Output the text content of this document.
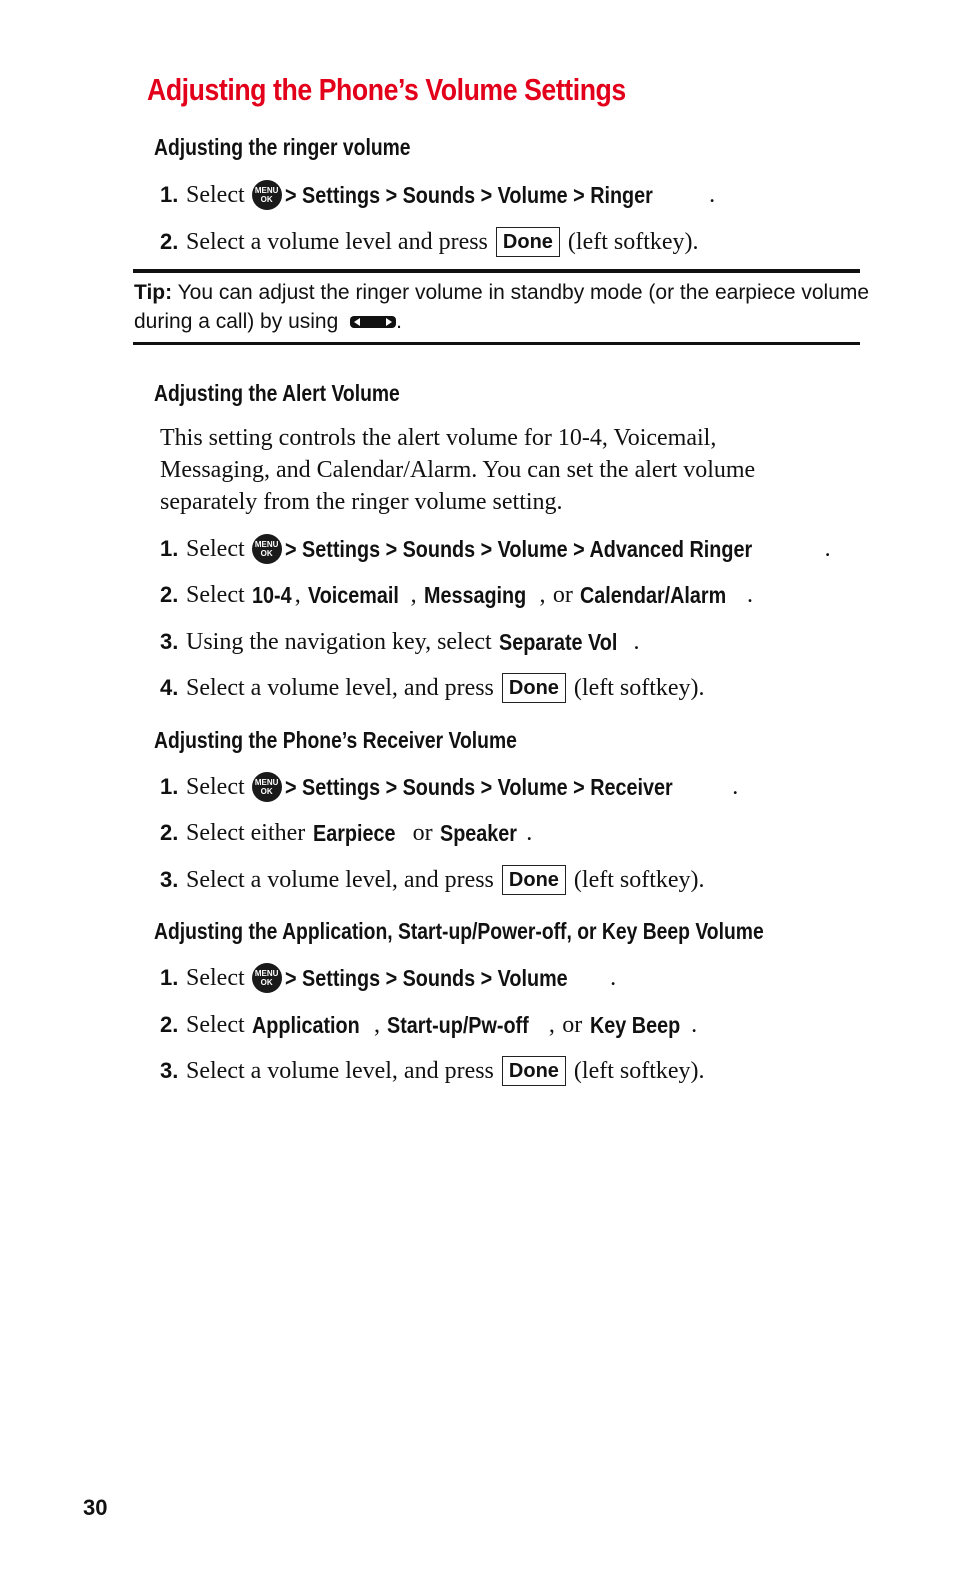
Adjusting the Phone’s Volume Settings
Adjusting the ringer volume
1. Select MENU
OK > Settings > Sounds > Volume > Ringer .
2. Select a volume level and press Done (left softkey).
Tip: You can adjust the ringer volume in standby mode (or the earpiece volume during a call) by using	.
Adjusting the Alert Volume
This setting controls the alert volume for 10-4, Voicemail,
Messaging, and Calendar/Alarm. You can set the alert volume
separately from the ringer volume setting.
1. Select MENU
OK > Settings > Sounds > Volume > Advanced Ringer	.
2. Select
10-4 ,
Voicemail ,
Messaging ,
or
Calendar/Alarm .
3. Using the navigation key, select
Separate Vol .
4. Select a volume level, and press Done (left softkey).
Adjusting the Phone’s Receiver Volume
1. Select MENU
OK > Settings > Sounds > Volume > Receiver .
2. Select either
Earpiece
or
Speaker .
3. Select a volume level, and press Done (left softkey).
Adjusting the Application, Start-up/Power-off, or Key Beep Volume
1. Select MENU
OK > Settings > Sounds > Volume .
2. Select
Application ,
Start-up/Pw-off ,
or
Key Beep .
3. Select a volume level, and press Done (left softkey).
30
